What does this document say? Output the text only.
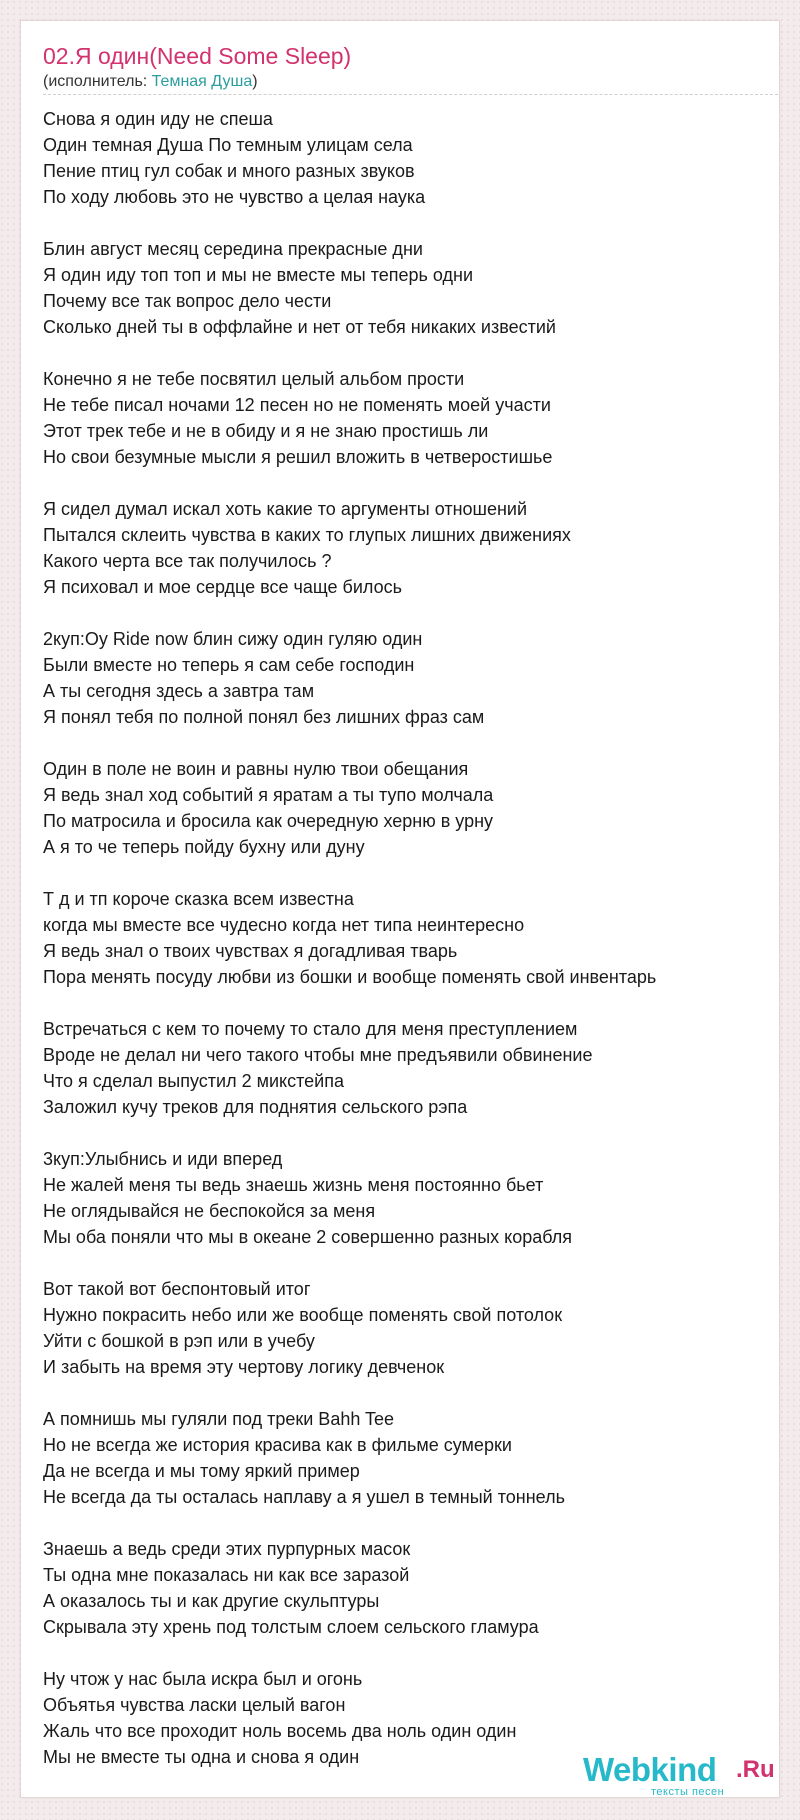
02.Я один(Need Some Sleep)
(исполнитель: Темная Душа)
Снова я один иду не спеша
Один темная Душа По темным улицам села
Пение птиц гул собак и много разных звуков
По ходу любовь это не чувство а целая наука
Блин август месяц середина прекрасные дни
Я один иду топ топ и мы не вместе мы теперь одни
Почему все так вопрос дело чести
Сколько дней ты в оффлайне и нет от тебя никаких известий
Конечно я не тебе посвятил целый альбом прости
Не тебе писал ночами 12 песен но не поменять моей участи
Этот трек тебе и не в обиду и я не знаю простишь ли
Но свои безумные мысли я решил вложить в четверостишье
Я сидел думал искал хоть какие то аргументы отношений
Пытался склеить чувства в каких то глупых лишних движениях
Какого черта все так получилось ?
Я психовал и мое сердце все чаще билось
2куп:Oy Ride now блин сижу один гуляю один
Были вместе но теперь я сам себе господин
А ты сегодня здесь а завтра там
Я понял тебя по полной понял без лишних фраз сам
Один в поле не воин и равны нулю твои обещания
Я ведь знал ход событий я яратам а ты тупо молчала
По матросила и бросила как очередную херню в урну
А я то че теперь пойду бухну или дуну
Т д и тп короче сказка всем известна
когда мы вместе все чудесно когда нет типа неинтересно
Я ведь знал о твоих чувствах я догадливая тварь
Пора менять посуду любви из бошки и вообще поменять свой инвентарь
Встречаться с кем то почему то стало для меня преступлением
Вроде не делал ни чего такого чтобы мне предъявили обвинение
Что я сделал выпустил 2 микстейпа
Заложил кучу треков для поднятия сельского рэпа
3куп:Улыбнись и иди вперед
Не жалей меня ты ведь знаешь жизнь меня постоянно бьет
Не оглядывайся не беспокойся за меня
Мы оба поняли что мы в океане 2 совершенно разных корабля
Вот такой вот беспонтовый итог
Нужно покрасить небо или же вообще поменять свой потолок
Уйти с бошкой в рэп или в учебу
И забыть на время эту чертову логику девченок
А помнишь мы гуляли под треки Bahh Tee
Но не всегда же история красива как в фильме сумерки
Да не всегда и мы тому яркий пример
Не всегда да ты осталась наплаву а я ушел в темный тоннель
Знаешь а ведь среди этих пурпурных масок
Ты одна мне показалась ни как все заразой
А оказалось ты и как другие скульптуры
Скрывала эту хрень под толстым слоем сельского гламура
Ну чтож у нас была искра был и огонь
Объятья чувства ласки целый вагон
Жаль что все проходит ноль восемь два ноль один один
Мы не вместе ты одна и снова я один	Webkind .Ru
тексты песен
